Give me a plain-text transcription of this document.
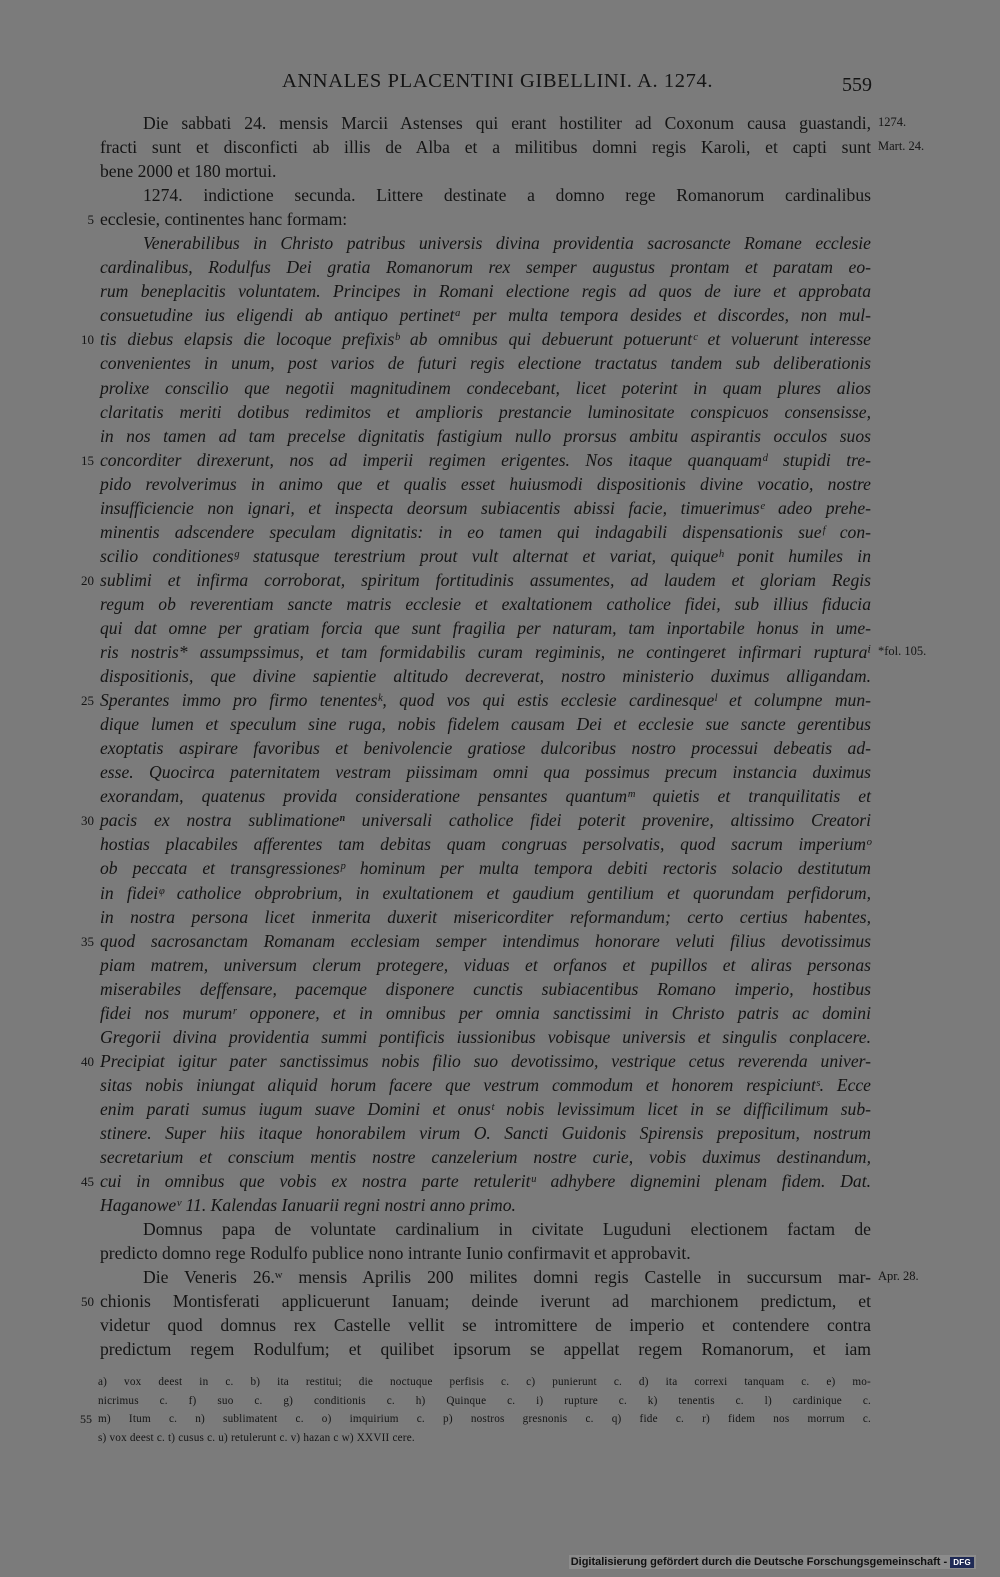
ANNALES PLACENTINI GIBELLINI. A. 1274.	559
Die sabbati 24. mensis Marcii Astenses qui erant hostiliter ad Coxonum causa guastandi, 1274.
fracti sunt et disconficti ab illis de Alba et a militibus domni regis Karoli, et capti sunt Mart. 24.
bene 2000 et 180 mortui.
1274. indictione secunda. Littere destinate a domno rege Romanorum cardinalibus
5 ecclesie, continentes hanc formam:
Venerabilibus in Christo patribus universis divina providentia sacrosancte Romane ecclesie
cardinalibus, Rodulfus Dei gratia Romanorum rex semper augustus prontam et paratam eo-
rum beneplacitis voluntatem. Principes in Romani electione regis ad quos de iure et approbata
consuetudine ius eligendi ab antiquo pertinetᵃ per multa tempora desides et discordes, non mul-
10 tis diebus elapsis die locoque prefixisᵇ ab omnibus qui debuerunt potueruntᶜ et voluerunt interesse
convenientes in unum, post varios de futuri regis electione tractatus tandem sub deliberationis
prolixe conscilio que negotii magnitudinem condecebant, licet poterint in quam plures alios
claritatis meriti dotibus redimitos et amplioris prestancie luminositate conspicuos consensisse,
in nos tamen ad tam precelse dignitatis fastigium nullo prorsus ambitu aspirantis occulos suos
15 concorditer direxerunt, nos ad imperii regimen erigentes. Nos itaque quanquamᵈ stupidi tre-
pido revolverimus in animo que et qualis esset huiusmodi dispositionis divine vocatio, nostre
insufficiencie non ignari, et inspecta deorsum subiacentis abissi facie, timuerimusᵉ adeo prehe-
minentis adscendere speculam dignitatis: in eo tamen qui indagabili dispensationis sueᶠ con-
scilio conditionesᵍ statusque terestrium prout vult alternat et variat, quiqueʰ ponit humiles in
20 sublimi et infirma corroborat, spiritum fortitudinis assumentes, ad laudem et gloriam Regis
regum ob reverentiam sancte matris ecclesie et exaltationem catholice fidei, sub illius fiducia
qui dat omne per gratiam forcia que sunt fragilia per naturam, tam inportabile honus in ume-
ris nostris* assumpssimus, et tam formidabilis curam regiminis, ne contingeret infirmari rupturaⁱ *fol. 105.
dispositionis, que divine sapientie altitudo decreverat, nostro ministerio duximus alligandam.
25 Sperantes immo pro firmo tenentesᵏ, quod vos qui estis ecclesie cardinesqueˡ et columpne mun-
dique lumen et speculum sine ruga, nobis fidelem causam Dei et ecclesie sue sancte gerentibus
exoptatis aspirare favoribus et benivolencie gratiose dulcoribus nostro processui debeatis ad-
esse. Quocirca paternitatem vestram piissimam omni qua possimus precum instancia duximus
exorandam, quatenus provida consideratione pensantes quantumᵐ quietis et tranquilitatis et
30 pacis ex nostra sublimationeⁿ universali catholice fidei poterit provenire, altissimo Creatori
hostias placabiles afferentes tam debitas quam congruas persolvatis, quod sacrum imperiumᵒ
ob peccata et transgressionesᵖ hominum per multa tempora debiti rectoris solacio destitutum
in fideiᵠ catholice obprobrium, in exultationem et gaudium gentilium et quorundam perfidorum,
in nostra persona licet inmerita duxerit misericorditer reformandum; certo certius habentes,
35 quod sacrosanctam Romanam ecclesiam semper intendimus honorare veluti filius devotissimus
piam matrem, universum clerum protegere, viduas et orfanos et pupillos et aliras personas
miserabiles deffensare, pacemque disponere cunctis subiacentibus Romano imperio, hostibus
fidei nos murumʳ opponere, et in omnibus per omnia sanctissimi in Christo patris ac domini
Gregorii divina providentia summi pontificis iussionibus vobisque universis et singulis conplacere.
40 Precipiat igitur pater sanctissimus nobis filio suo devotissimo, vestrique cetus reverenda univer-
sitas nobis iniungat aliquid horum facere que vestrum commodum et honorem respiciuntˢ. Ecce
enim parati sumus iugum suave Domini et onusᵗ nobis levissimum licet in se difficilimum sub-
stinere. Super hiis itaque honorabilem virum O. Sancti Guidonis Spirensis prepositum, nostrum
secretarium et conscium mentis nostre canzelerium nostre curie, vobis duximus destinandum,
45 cui in omnibus que vobis ex nostra parte retuleritᵘ adhybere dignemini plenam fidem. Dat.
Haganoweᵛ 11. Kalendas Ianuarii regni nostri anno primo.
Domnus papa de voluntate cardinalium in civitate Luguduni electionem factam de
predicto domno rege Rodulfo publice nono intrante Iunio confirmavit et approbavit.
Die Veneris 26.ʷ mensis Aprilis 200 milites domni regis Castelle in succursum mar- Apr. 28.
50 chionis Montisferati applicuerunt Ianuam; deinde iverunt ad marchionem predictum, et
videtur quod domnus rex Castelle vellit se intromittere de imperio et contendere contra
predictum regem Rodulfum; et quilibet ipsorum se appellat regem Romanorum, et iam
a) vox deest in c. b) ita restitui; die noctuque perfisis c. c) punierunt c. d) ita correxi tanquam c. e) mo-
nicrimus c. f) suo c. g) conditionis c. h) Quinque c. i) rupture c. k) tenentis c. l) cardinique c.
55 m) Itum c. n) sublimatent c. o) imquirium c. p) nostros gresnonis c. q) fide c. r) fidem nos morrum c.
s) vox deest c. t) cusus c. u) retulerunt c. v) hazan c w) XXVII cere.
Digitalisierung gefördert durch die Deutsche Forschungsgemeinschaft - DFG
